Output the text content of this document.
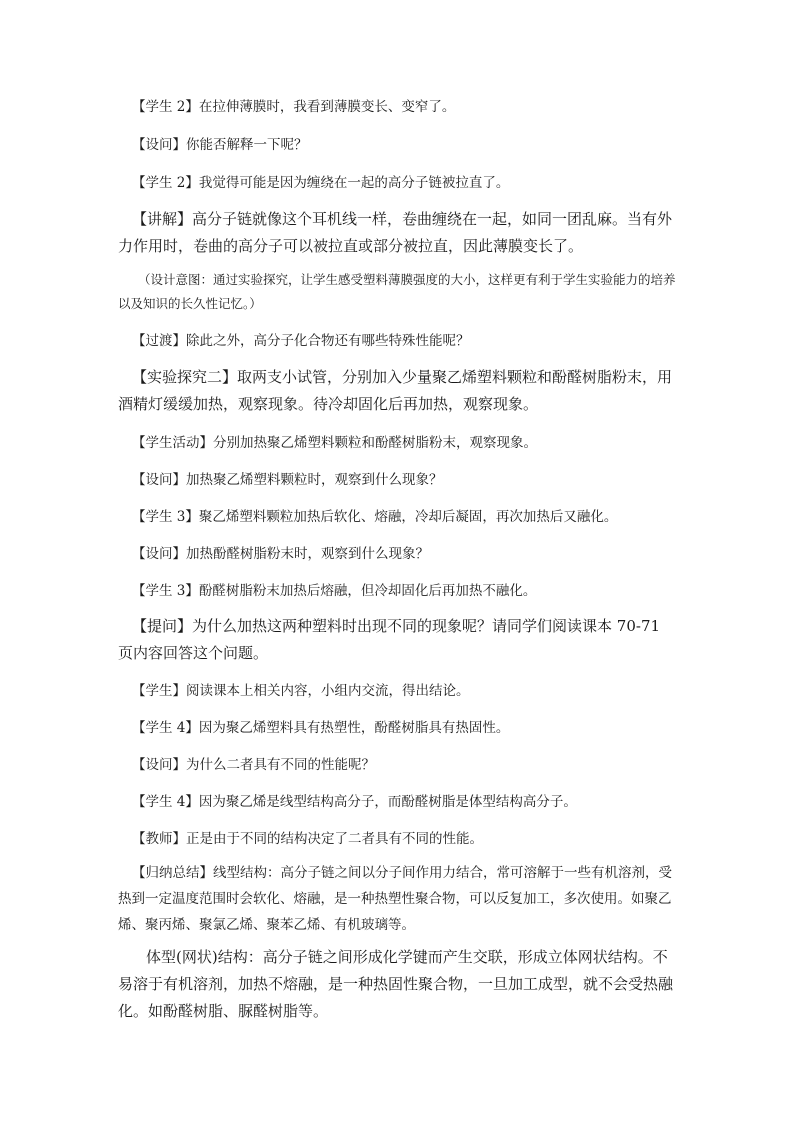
【学生 2】在拉伸薄膜时，我看到薄膜变长、变窄了。

【设问】你能否解释一下呢？

【学生 2】我觉得可能是因为缠绕在一起的高分子链被拉直了。

【讲解】高分子链就像这个耳机线一样，卷曲缠绕在一起，如同一团乱麻。当有外力作用时，卷曲的高分子可以被拉直或部分被拉直，因此薄膜变长了。

（设计意图：通过实验探究，让学生感受塑料薄膜强度的大小，这样更有利于学生实验能力的培养以及知识的长久性记忆。）

【过渡】除此之外，高分子化合物还有哪些特殊性能呢？

【实验探究二】取两支小试管，分别加入少量聚乙烯塑料颗粒和酚醛树脂粉末，用酒精灯缓缓加热，观察现象。待冷却固化后再加热，观察现象。

【学生活动】分别加热聚乙烯塑料颗粒和酚醛树脂粉末，观察现象。

【设问】加热聚乙烯塑料颗粒时，观察到什么现象？

【学生 3】聚乙烯塑料颗粒加热后软化、熔融，冷却后凝固，再次加热后又融化。

【设问】加热酚醛树脂粉末时，观察到什么现象？

【学生 3】酚醛树脂粉末加热后熔融，但冷却固化后再加热不融化。

【提问】为什么加热这两种塑料时出现不同的现象呢？请同学们阅读课本 70-71 页内容回答这个问题。

【学生】阅读课本上相关内容，小组内交流，得出结论。

【学生 4】因为聚乙烯塑料具有热塑性，酚醛树脂具有热固性。

【设问】为什么二者具有不同的性能呢？

【学生 4】因为聚乙烯是线型结构高分子，而酚醛树脂是体型结构高分子。

【教师】正是由于不同的结构决定了二者具有不同的性能。

【归纳总结】线型结构：高分子链之间以分子间作用力结合，常可溶解于一些有机溶剂，受热到一定温度范围时会软化、熔融，是一种热塑性聚合物，可以反复加工，多次使用。如聚乙烯、聚丙烯、聚氯乙烯、聚苯乙烯、有机玻璃等。

体型(网状)结构：高分子链之间形成化学键而产生交联，形成立体网状结构。不易溶于有机溶剂，加热不熔融，是一种热固性聚合物，一旦加工成型，就不会受热融化。如酚醛树脂、脲醛树脂等。
